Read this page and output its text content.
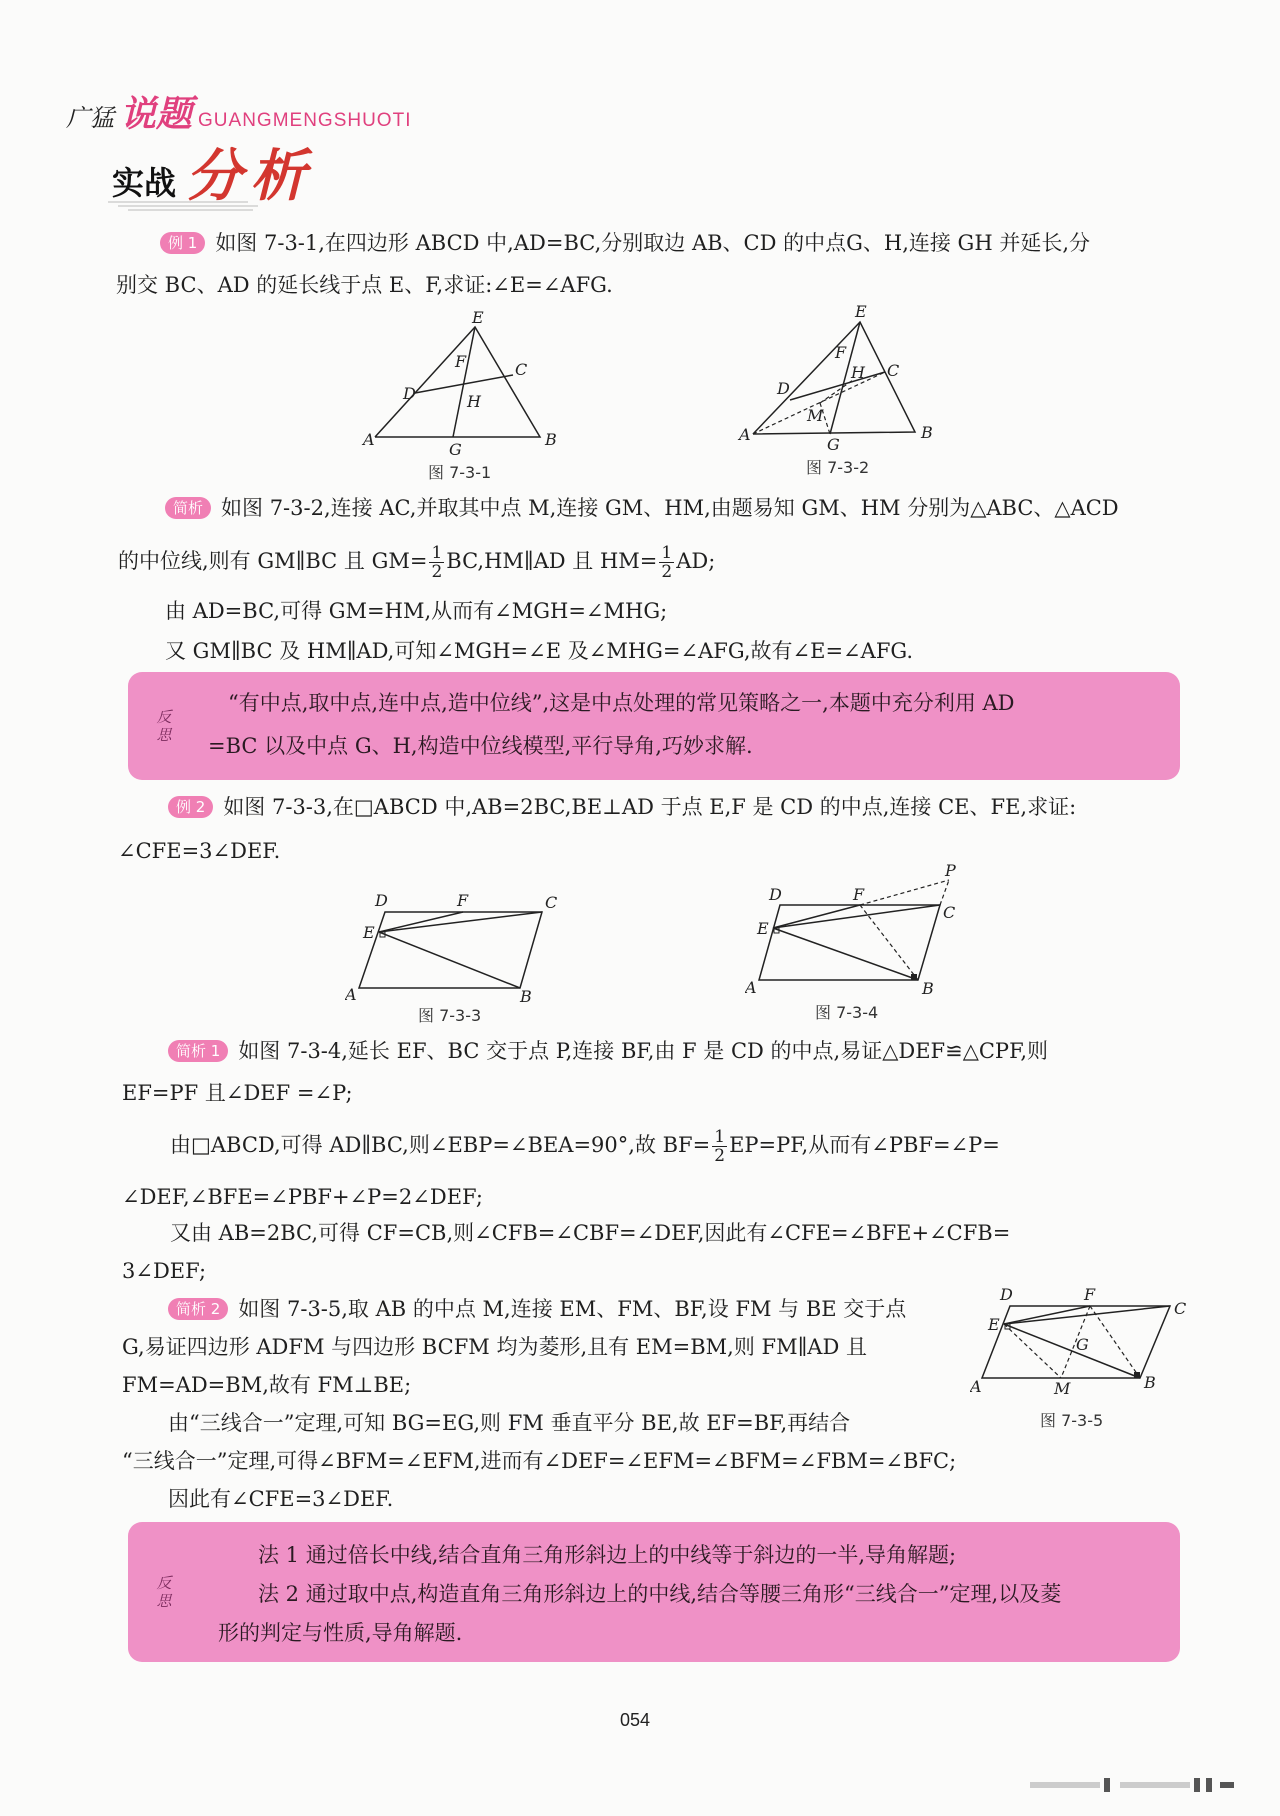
广猛 说题 GUANGMENGSHUOTI
实战 分析
例 1 如图 7-3-1,在四边形 ABCD 中,AD=BC,分别取边 AB、CD 的中点G、H,连接 GH 并延长,分
别交 BC、AD 的延长线于点 E、F,求证:∠E=∠AFG.
E
F	C
D	H
A
G
B
图 7-3-1
E
F
H C
D
M
A
G
B
图 7-3-2
简析 如图 7-3-2,连接 AC,并取其中点 M,连接 GM、HM,由题易知 GM、HM 分别为△ABC、△ACD
的中位线,则有 GM∥BC 且 $GM= \frac{1}{2}$ BC,HM∥AD 且 $HM= \frac{1}{2}$ AD;
由 AD=BC,可得 GM=HM,从而有∠MGH=∠MHG;
又 GM∥BC 及 HM∥AD,可知∠MGH=∠E 及∠MHG=∠AFG,故有∠E=∠AFG.
反
思
“有中点,取中点,连中点,造中位线”,这是中点处理的常见策略之一,本题中充分利用 AD
=BC 以及中点 G、H,构造中位线模型,平行导角,巧妙求解.
例 2 如图 7-3-3,在□ABCD 中,AB=2BC,BE⊥AD 于点 E,F 是 CD 的中点,连接 CE、FE,求证:
∠CFE=3∠DEF.
D	F	C
E
A	B
图 7-3-3
P
D	F
C
E
A	B
图 7-3-4
简析 1 如图 7-3-4,延长 EF、BC 交于点 P,连接 BF,由 F 是 CD 的中点,易证△DEF≌△CPF,则
EF=PF 且∠DEF =∠P;
由□ABCD,可得 AD∥BC,则∠EBP=∠BEA=90°,故 $BF= \frac{1}{2} EP=PF$,从而有∠PBF=∠P=
∠DEF,∠BFE=∠PBF+∠P=2∠DEF;
又由 AB=2BC,可得 CF=CB,则∠CFB=∠CBF=∠DEF,因此有∠CFE=∠BFE+∠CFB=
3∠DEF;
简析 2 如图 7-3-5,取 AB 的中点 M,连接 EM、FM、BF,设 FM 与 BE 交于点
G,易证四边形 ADFM 与四边形 BCFM 均为菱形,且有 EM=BM,则 FM∥AD 且
FM=AD=BM,故有 FM⊥BE;
由“三线合一”定理,可知 BG=EG,则 FM 垂直平分 BE,故 EF=BF,再结合
“三线合一”定理,可得∠BFM=∠EFM,进而有∠DEF=∠EFM=∠BFM=∠FBM=∠BFC;
因此有∠CFE=3∠DEF.
D	F
C
E
G
A	M	B
图 7-3-5
反
思
法 1 通过倍长中线,结合直角三角形斜边上的中线等于斜边的一半,导角解题;
法 2 通过取中点,构造直角三角形斜边上的中线,结合等腰三角形“三线合一”定理,以及菱
形的判定与性质,导角解题.
054
